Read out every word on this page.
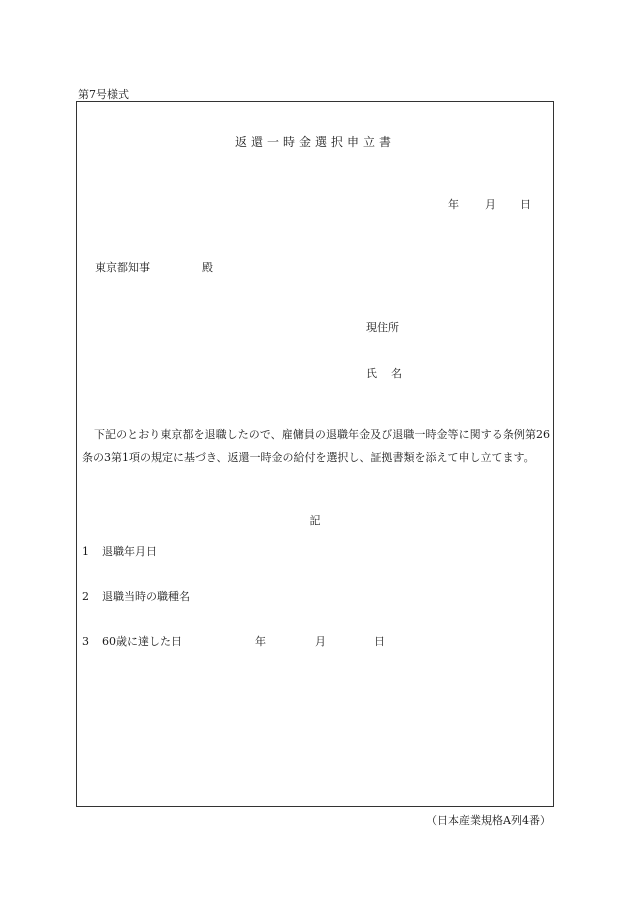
第7号様式
返還一時金選択申立書
年 月 日
東京都知事	殿
現住所
氏名
下記のとおり東京都を退職したので、雇傭員の退職年金及び退職一時金等に関する条例第26条の3第1項の規定に基づき、返還一時金の給付を選択し、証拠書類を添えて申し立てます。
記
1 退職年月日
2 退職当時の職種名
3 60歳に達した日	年	月	日
（日本産業規格A列4番）
